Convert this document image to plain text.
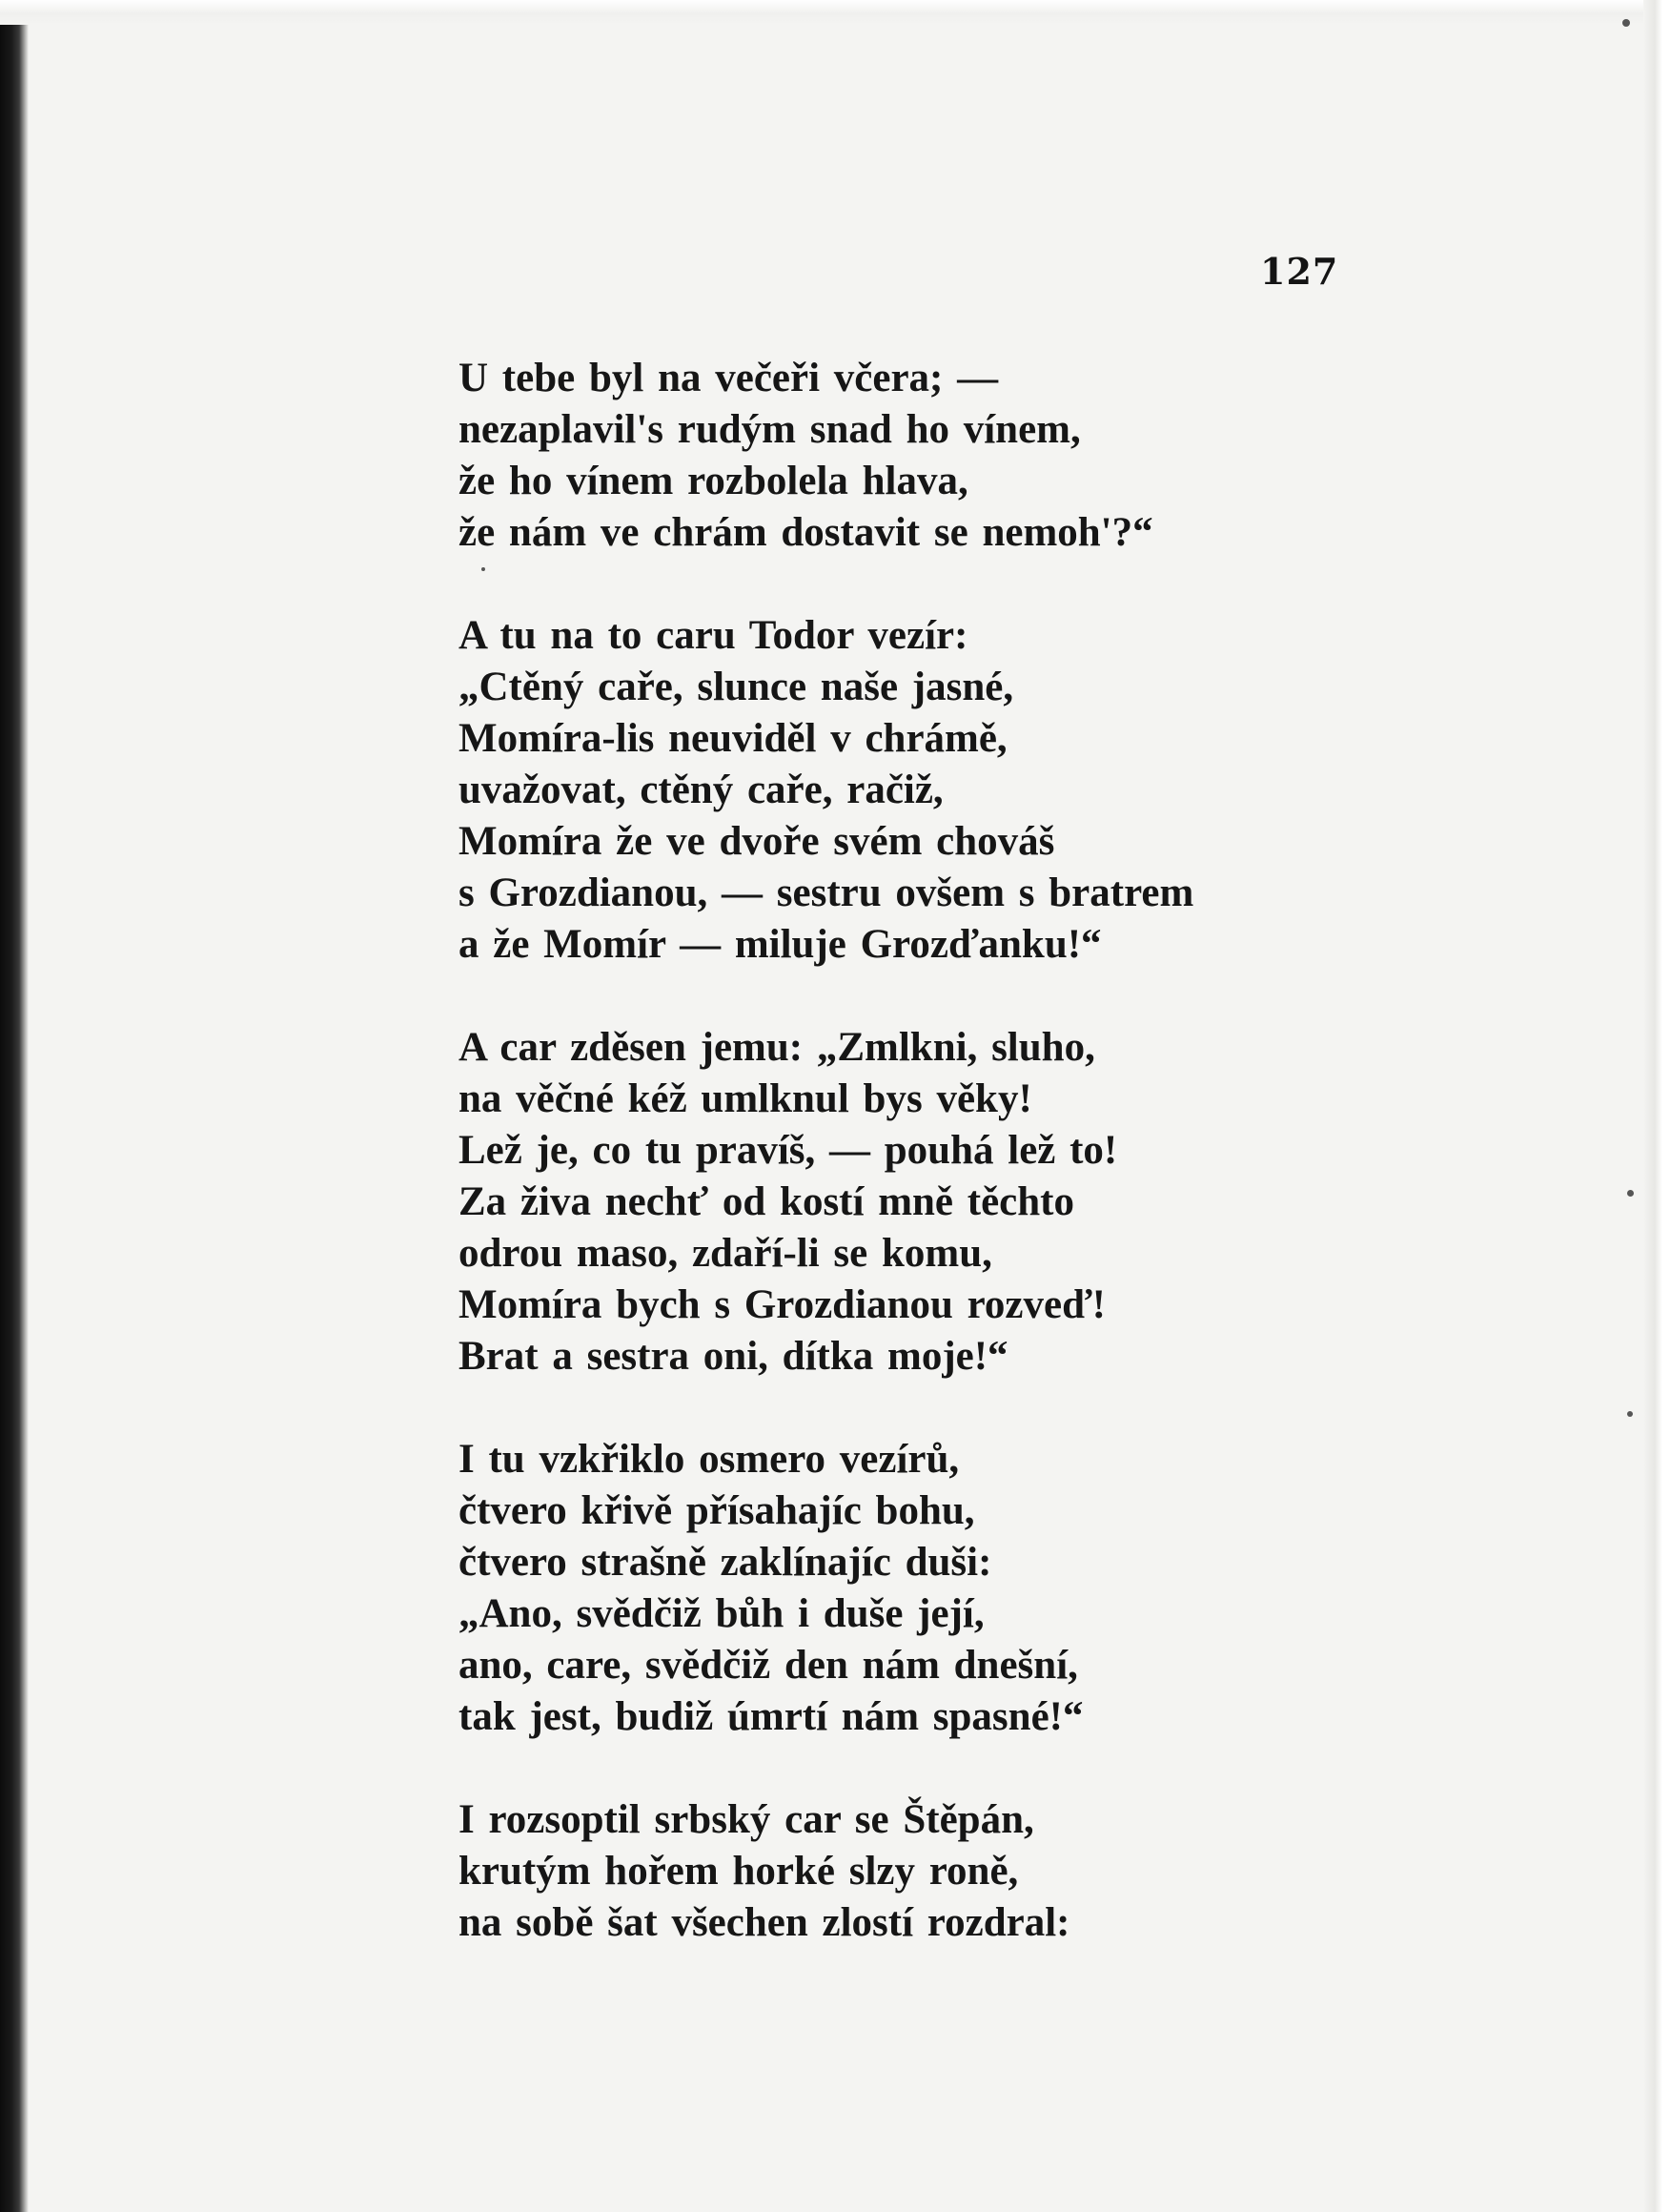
127
U tebe byl na večeři včera; —
nezaplavil's rudým snad ho vínem,
že ho vínem rozbolela hlava,
že nám ve chrám dostavit se nemoh'?“
A tu na to caru Todor vezír:
„Ctěný caře, slunce naše jasné,
Momíra-lis neuviděl v chrámě,
uvažovat, ctěný caře, račiž,
Momíra že ve dvoře svém chováš
s Grozdianou, — sestru ovšem s bratrem
a že Momír — miluje Grozďanku!“
A car zděsen jemu: „Zmlkni, sluho,
na věčné kéž umlknul bys věky!
Lež je, co tu pravíš, — pouhá lež to!
Za živa nechť od kostí mně těchto
odrou maso, zdaří-li se komu,
Momíra bych s Grozdianou rozveď!
Brat a sestra oni, dítka moje!“
I tu vzkřiklo osmero vezírů,
čtvero křivě přísahajíc bohu,
čtvero strašně zaklínajíc duši:
„Ano, svědčiž bůh i duše její,
ano, care, svědčiž den nám dnešní,
tak jest, budiž úmrtí nám spasné!“
I rozsoptil srbský car se Štěpán,
krutým hořem horké slzy roně,
na sobě šat všechen zlostí rozdral:
